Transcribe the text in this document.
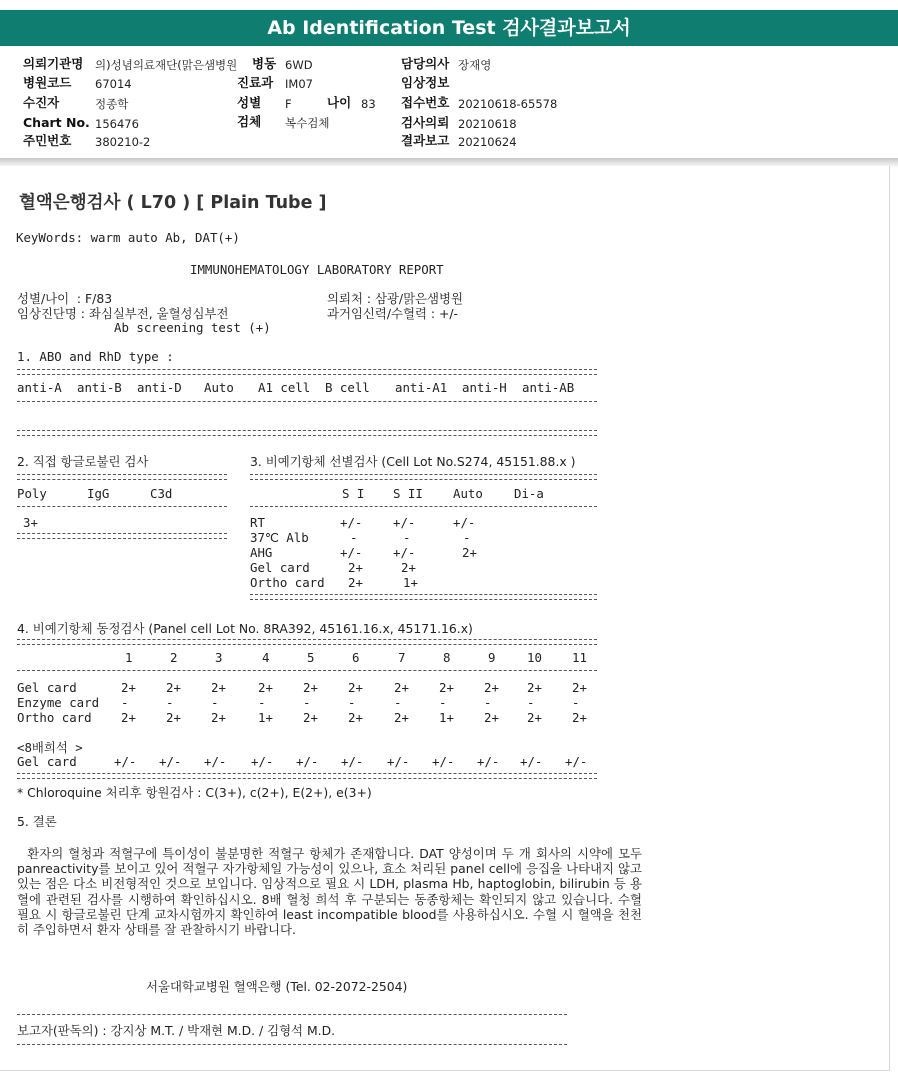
Ab Identification Test 검사결과보고서
의뢰기관명 의)성념의료재단(맑은샘병원
병원코드 67014
수진자	정종학
Chart No. 156476
주민번호 380210-2
병동 6WD
진료과 IM07
성별 F	나이 83
검체 복수검체
담당의사 장재영
임상정보
접수번호 20210618-65578
검사의뢰 20210618
결과보고 20210624
혈액은행검사 ( L70 ) [ Plain Tube ]
KeyWords: warm auto Ab, DAT(+)
IMMUNOHEMATOLOGY LABORATORY REPORT
성별/나이  : F/83
임상진단명 : 좌심실부전, 울혈성심부전
Ab screening test (+)
의뢰처 : 삼광/맑은샘병원
과거임신력/수혈력 : +/-
1. ABO and RhD type :
anti-A anti-B anti-D Auto A1 cell B cell anti-A1 anti-H anti-AB
2. 직접 항글로불린 검사
Poly	IgG	C3d
3+
3. 비예기항체 선별검사 (Cell Lot No.S274, 45151.88.x )
S I S II Auto	Di-a
RT	+/- +/-	+/-
37℃ Alb	-	-	-
AHG	+/- +/-	2+
Gel card	2+	2+
Ortho card 2+	1+
4. 비예기항체 동정검사 (Panel cell Lot No. 8RA392, 45161.16.x, 45171.16.x)
1	2	3	4	5	6	7	8	9	10 11
Gel card	2+ 2+ 2+	2+ 2+ 2+	2+ 2+ 2+ 2+ 2+
Enzyme card -	-	-	-	-	-	-	-	-	-	-
Ortho card 2+ 2+ 2+	1+ 2+ 2+	2+ 1+ 2+ 2+ 2+
Gel card	+/- +/- +/- +/- +/- +/- +/- +/- +/- +/- +/-
<8배희석 >
* Chloroquine 처리후 항원검사 : C(3+), c(2+), E(2+), e(3+)
5. 결론
환자의 혈청과 적혈구에 특이성이 불분명한 적혈구 항체가 존재합니다. DAT 양성이며 두 개 회사의 시약에 모두 panreactivity를 보이고 있어 적혈구 자가항체일 가능성이 있으나, 효소 처리된 panel cell에 응집을 나타내지 않고 있는 점은 다소 비전형적인 것으로 보입니다. 임상적으로 필요 시 LDH, plasma Hb, haptoglobin, bilirubin 등 용혈에 관련된 검사를 시행하여 확인하십시오. 8배 혈청 희석 후 구분되는 동종항체는 확인되지 않고 있습니다. 수혈 필요 시 항글로불린 단계 교차시험까지 확인하여 least incompatible blood를 사용하십시오. 수혈 시 혈액을 천천히 주입하면서 환자 상태를 잘 관찰하시기 바랍니다.
서울대학교병원 혈액은행 (Tel. 02-2072-2504)
보고자(판독의) : 강지상 M.T. / 박재현 M.D. / 김형석 M.D.
